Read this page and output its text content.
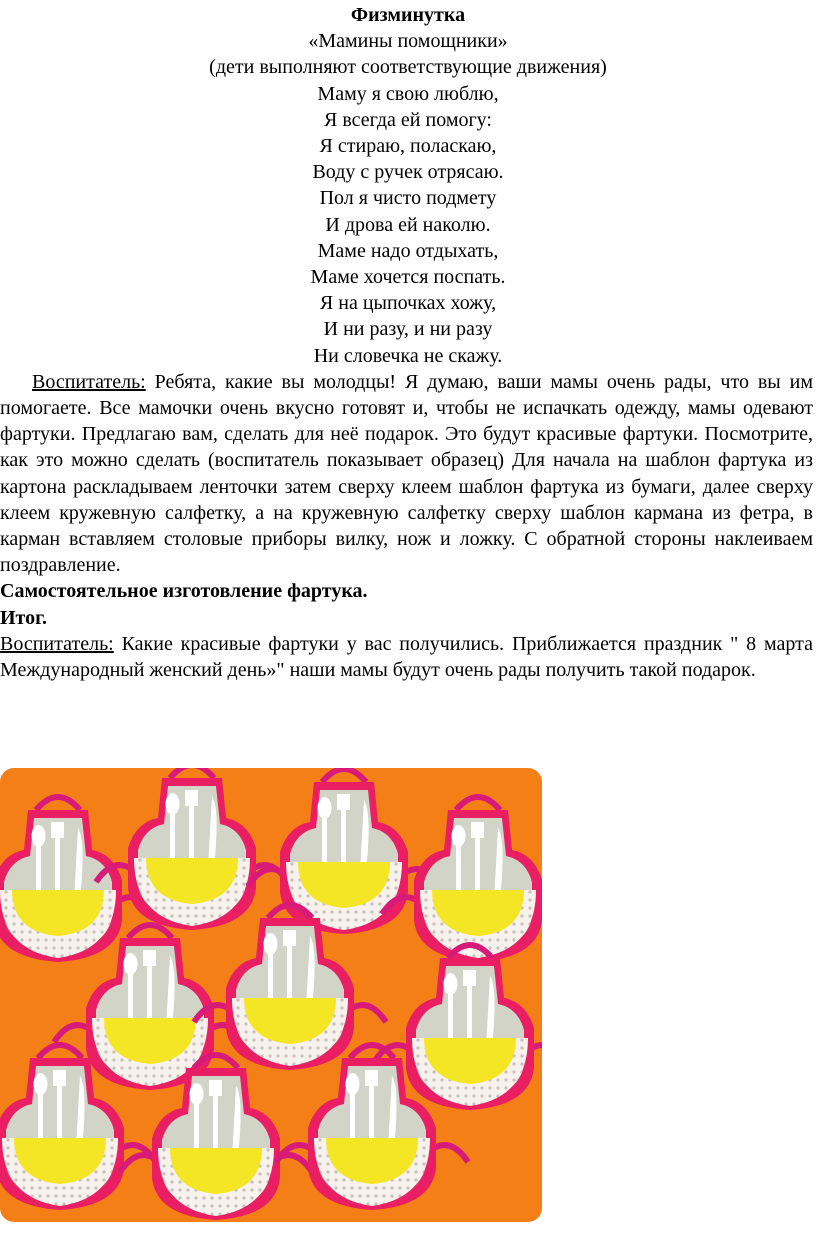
Физминутка
«Мамины помощники»
(дети выполняют соответствующие движения)
Маму я свою люблю,
Я всегда ей помогу:
Я стираю, поласкаю,
Воду с ручек отрясаю.
Пол я чисто подмету
И дрова ей наколю.
Маме надо отдыхать,
Маме хочется поспать.
Я на цыпочках хожу,
И ни разу, и ни разу
Ни словечка не скажу.
Воспитатель: Ребята, какие вы молодцы! Я думаю, ваши мамы очень рады, что вы им помогаете. Все мамочки очень вкусно готовят и, чтобы не испачкать одежду, мамы одевают фартуки. Предлагаю вам, сделать для неё подарок. Это будут красивые фартуки. Посмотрите, как это можно сделать (воспитатель показывает образец) Для начала на шаблон фартука из картона раскладываем ленточки затем сверху клеем шаблон фартука из бумаги, далее сверху клеем кружевную салфетку, а на кружевную салфетку сверху шаблон кармана из фетра, в карман вставляем столовые приборы вилку, нож и ложку. С обратной стороны наклеиваем поздравление.
Самостоятельное изготовление фартука.
Итог.
Воспитатель: Какие красивые фартуки у вас получились. Приближается праздник " 8 марта Международный женский день»" наши мамы будут очень рады получить такой подарок.
